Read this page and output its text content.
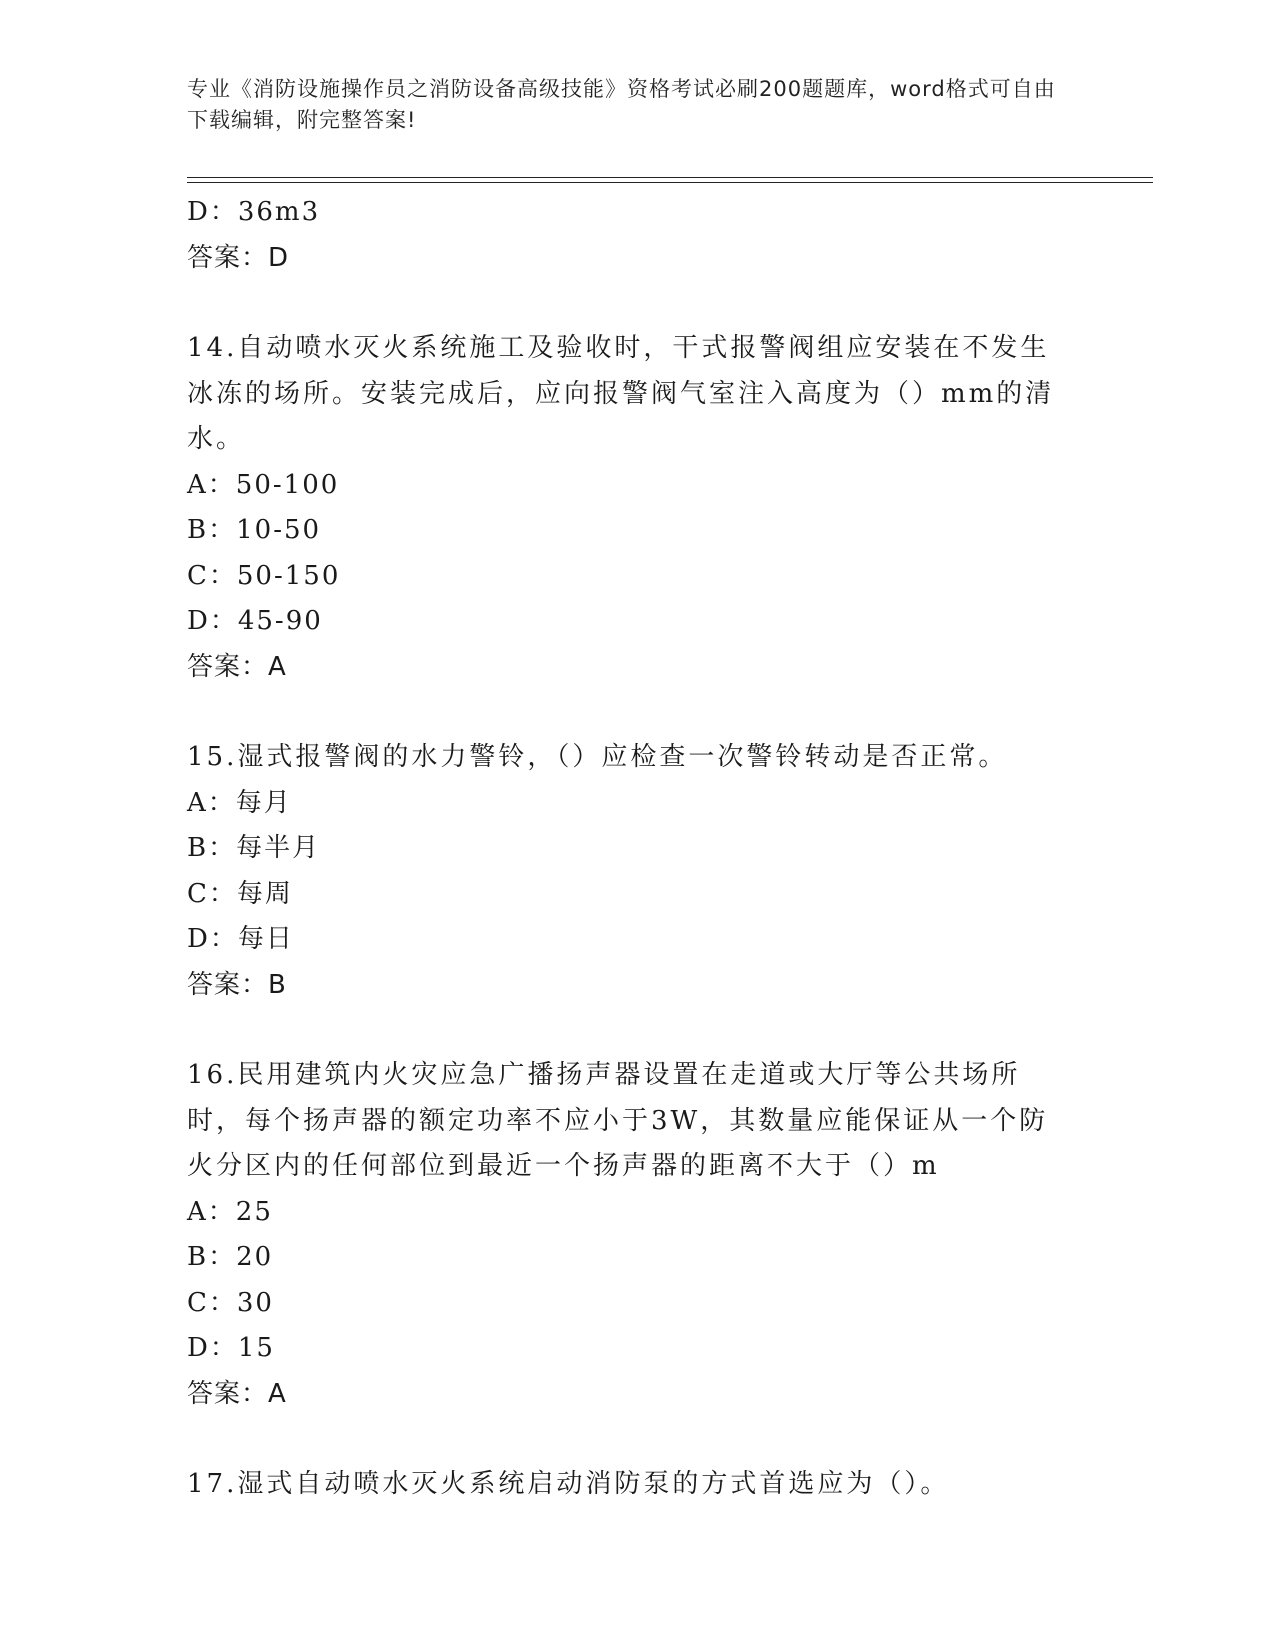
专业《消防设施操作员之消防设备高级技能》资格考试必刷200题题库，word格式可自由下载编辑，附完整答案!
D：36m3
答案：D
14.自动喷水灭火系统施工及验收时，干式报警阀组应安装在不发生冰冻的场所。安装完成后，应向报警阀气室注入高度为（）mm的清水。
A：50-100
B：10-50
C：50-150
D：45-90
答案：A
15.湿式报警阀的水力警铃，（）应检查一次警铃转动是否正常。
A：每月
B：每半月
C：每周
D：每日
答案：B
16.民用建筑内火灾应急广播扬声器设置在走道或大厅等公共场所时，每个扬声器的额定功率不应小于3W，其数量应能保证从一个防火分区内的任何部位到最近一个扬声器的距离不大于（）m
A：25
B：20
C：30
D：15
答案：A
17.湿式自动喷水灭火系统启动消防泵的方式首选应为（）。
